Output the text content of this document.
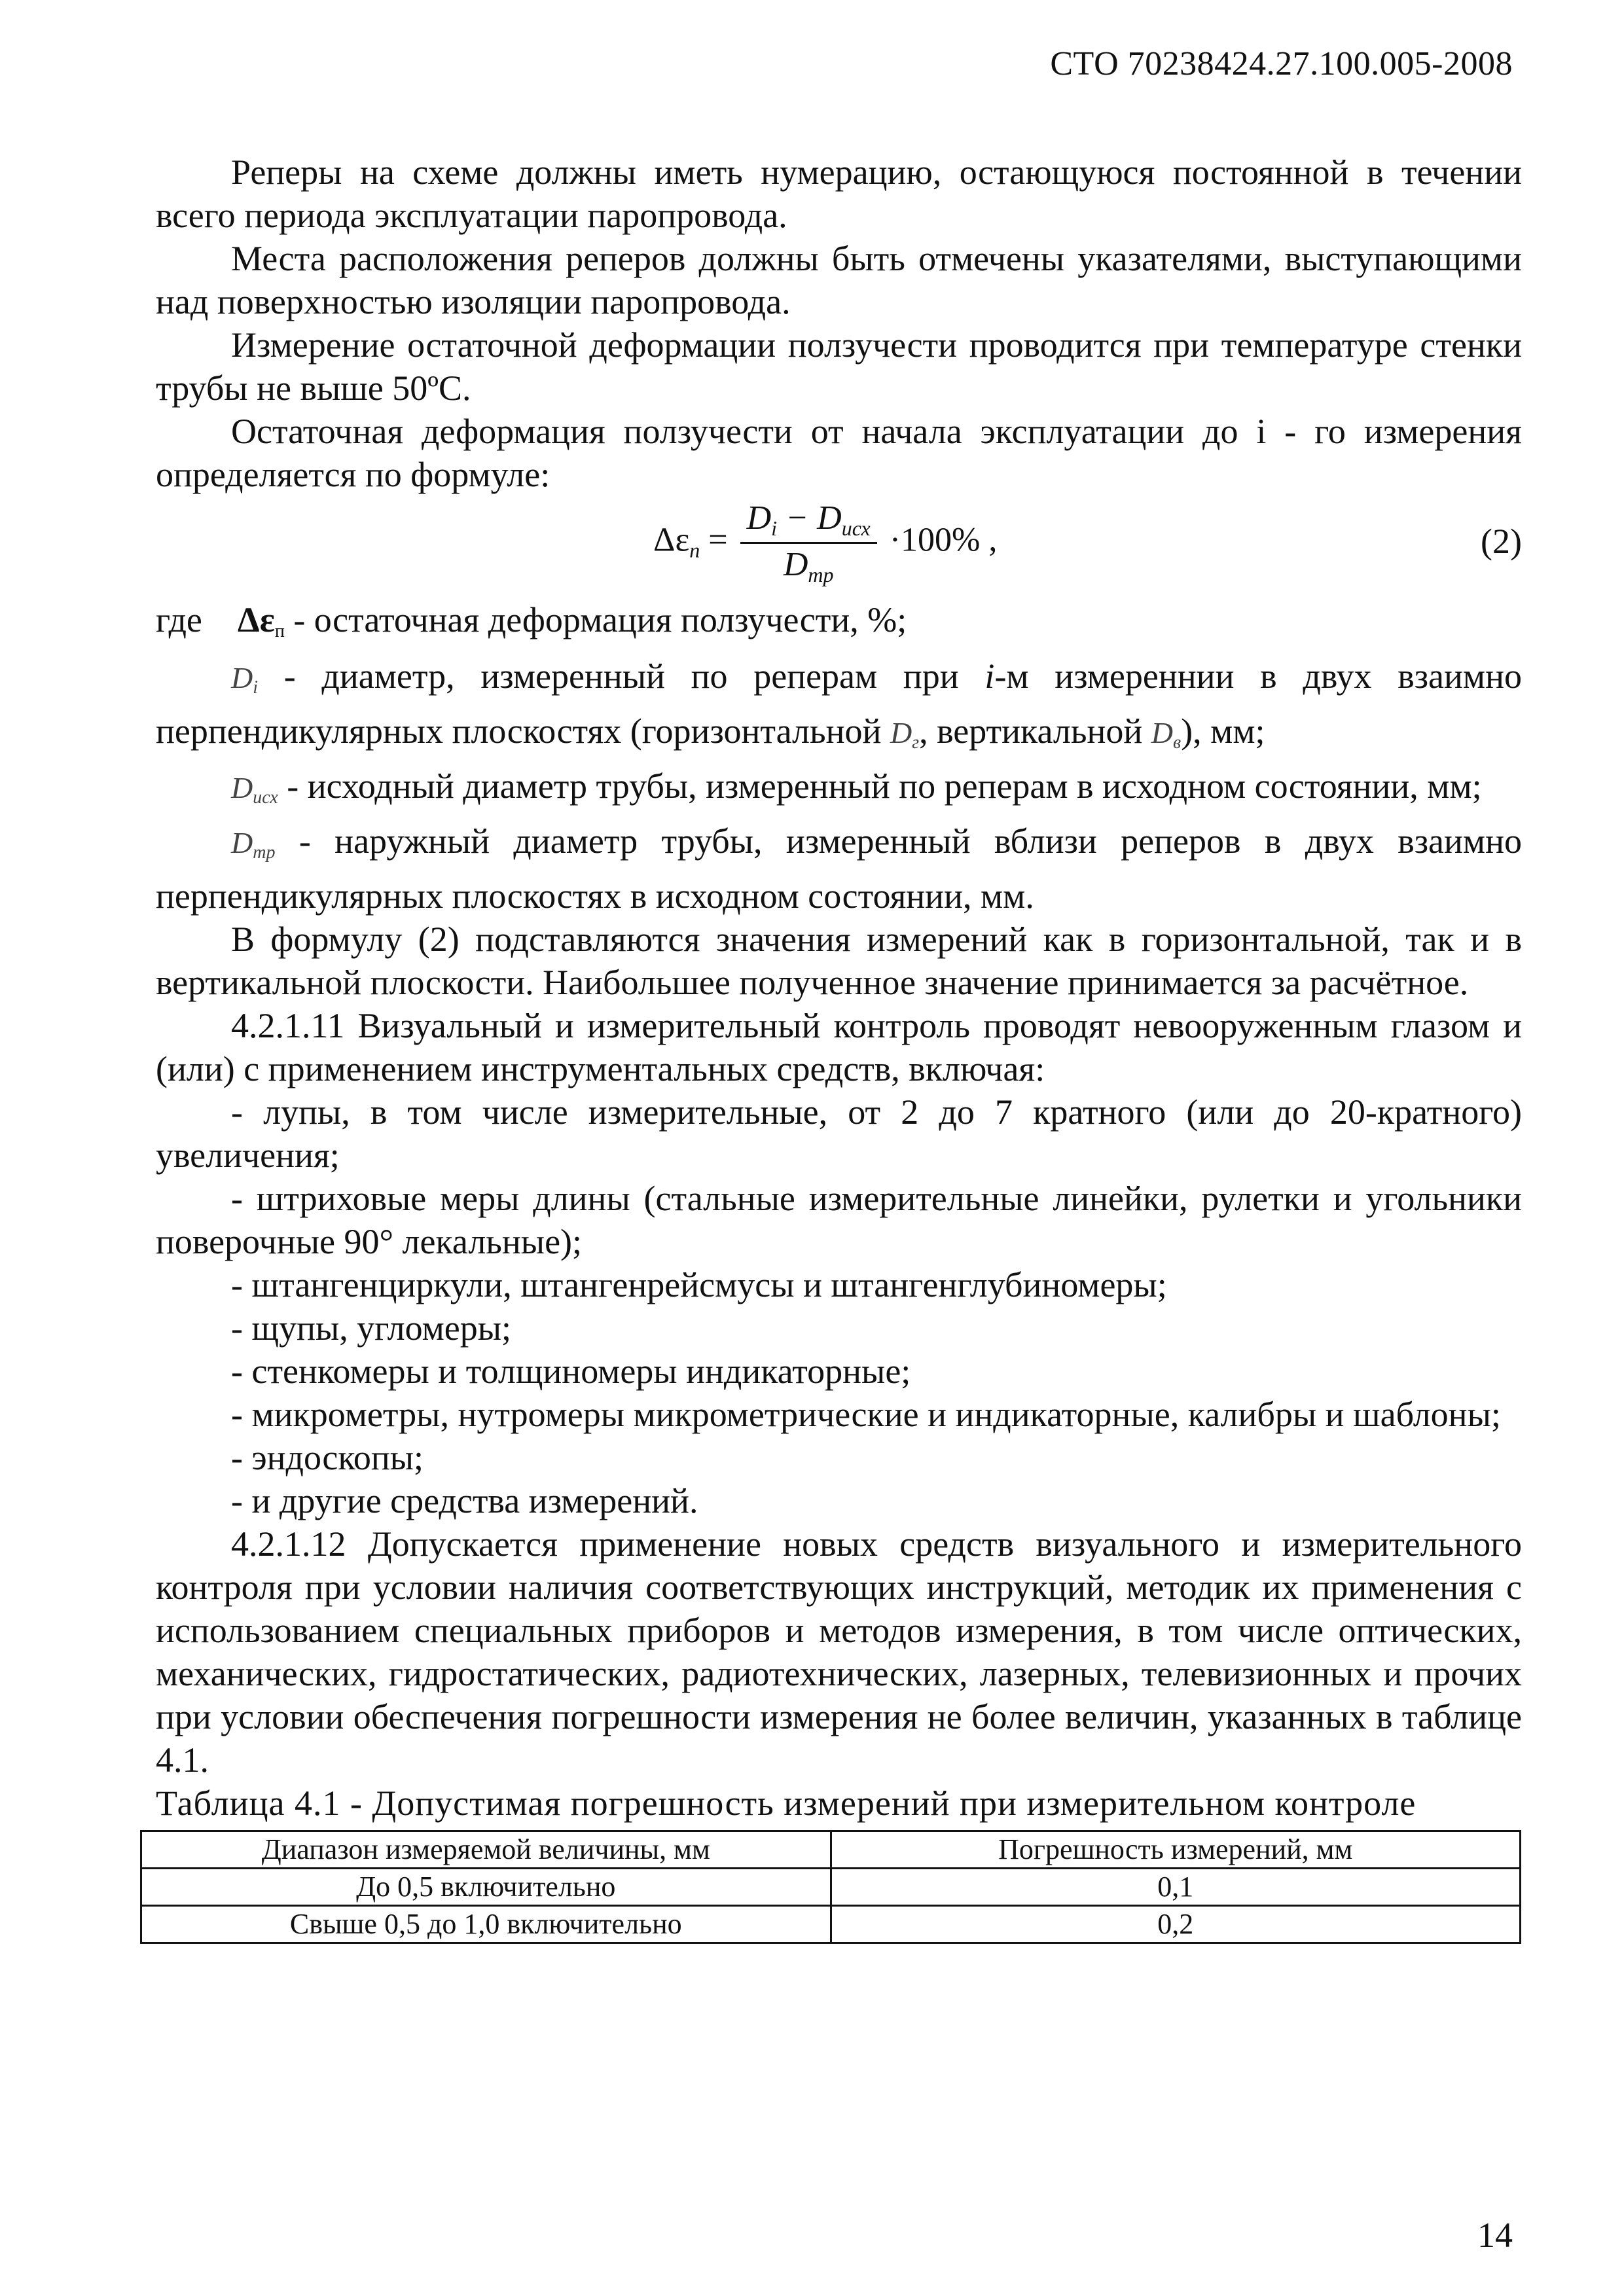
СТО 70238424.27.100.005-2008

Реперы на схеме должны иметь нумерацию, остающуюся постоянной в течении всего периода эксплуатации паропровода.

Места расположения реперов должны быть отмечены указателями, выступающими над поверхностью изоляции паропровода.

Измерение остаточной деформации ползучести проводится при температуре стенки трубы не выше 50ºС.

Остаточная деформация ползучести от начала эксплуатации до i - го измерения определяется по формуле:

$\Delta\varepsilon_п = \frac{D_i - D_{исх}}{D_{тр}} \cdot 100\%$ ,	(2)

где Δεп - остаточная деформация ползучести, %;

Di - диаметр, измеренный по реперам при i-м измереннии в двух взаимно перпендикулярных плоскостях (горизонтальной Dг, вертикальной Dв), мм;

Dисх - исходный диаметр трубы, измеренный по реперам в исходном состоянии, мм;

Dтр - наружный диаметр трубы, измеренный вблизи реперов в двух взаимно перпендикулярных плоскостях в исходном состоянии, мм.

В формулу (2) подставляются значения измерений как в горизонтальной, так и в вертикальной плоскости. Наибольшее полученное значение принимается за расчётное.

4.2.1.11 Визуальный и измерительный контроль проводят невооруженным глазом и (или) с применением инструментальных средств, включая:

- лупы, в том числе измерительные, от 2 до 7 кратного (или до 20-кратного) увеличения;

- штриховые меры длины (стальные измерительные линейки, рулетки и угольники поверочные 90° лекальные);

- штангенциркули, штангенрейсмусы и штангенглубиномеры;

- щупы, угломеры;

- стенкомеры и толщиномеры индикаторные;

- микрометры, нутромеры микрометрические и индикаторные, калибры и шаблоны;

- эндоскопы;

- и другие средства измерений.

4.2.1.12 Допускается применение новых средств визуального и измерительного контроля при условии наличия соответствующих инструкций, методик их применения с использованием специальных приборов и методов измерения, в том числе оптических, механических, гидростатических, радиотехнических, лазерных, телевизионных и прочих при условии обеспечения погрешности измерения не более величин, указанных в таблице 4.1.

Таблица 4.1 - Допустимая погрешность измерений при измерительном контроле

Диапазон измеряемой величины, мм	Погрешность измерений, мм
До 0,5 включительно	0,1
Свыше 0,5 до 1,0 включительно	0,2
14
